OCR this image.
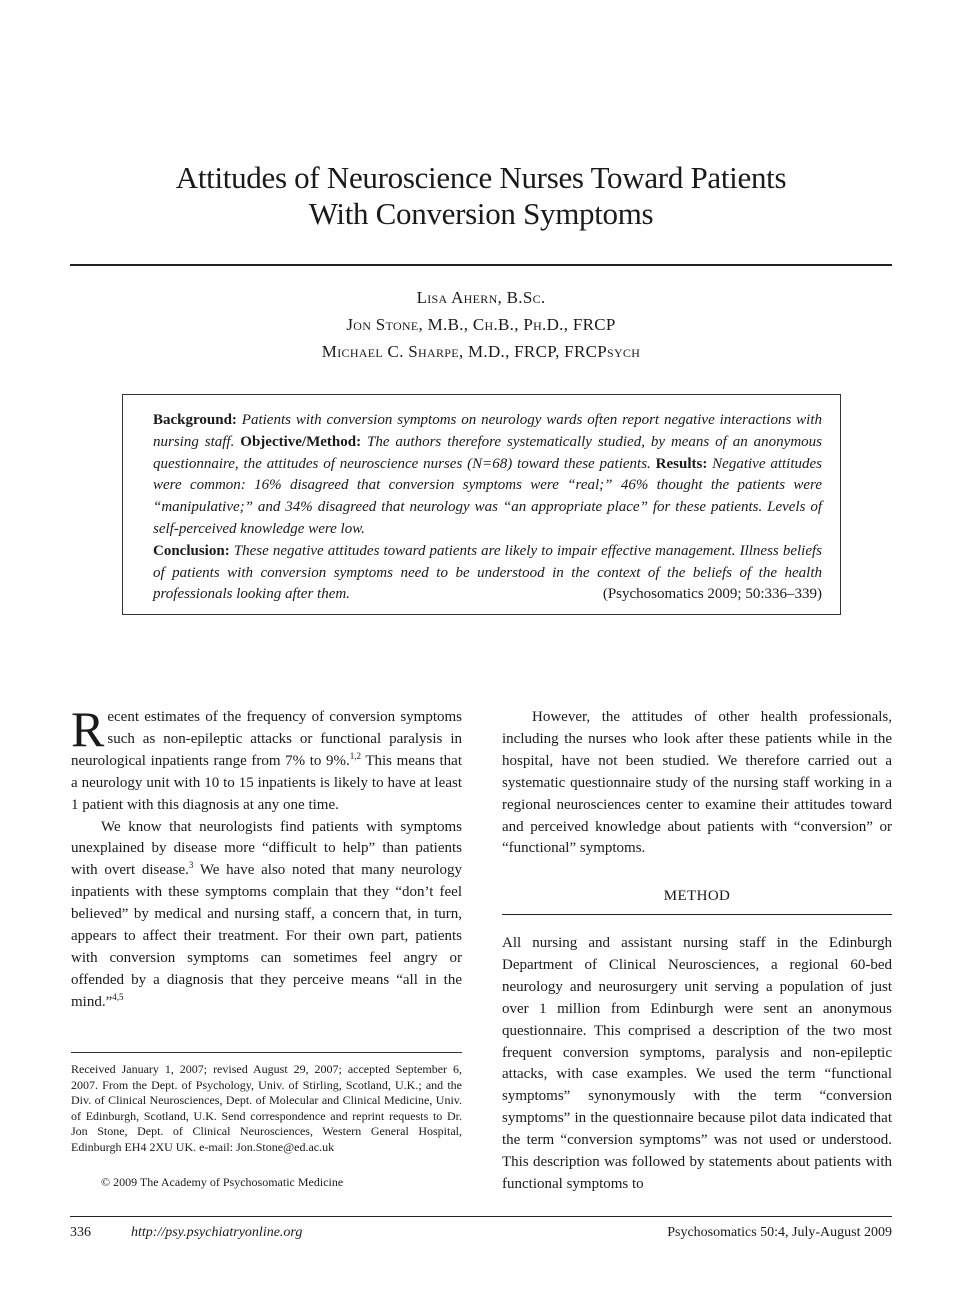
Attitudes of Neuroscience Nurses Toward Patients
With Conversion Symptoms
Lisa Ahern, B.Sc.
Jon Stone, M.B., Ch.B., Ph.D., FRCP
Michael C. Sharpe, M.D., FRCP, FRCPsych
Background: Patients with conversion symptoms on neurology wards often report negative interactions with nursing staff. Objective/Method: The authors therefore systematically studied, by means of an anonymous questionnaire, the attitudes of neuroscience nurses (N=68) toward these patients. Results: Negative attitudes were common: 16% disagreed that conversion symptoms were “real;” 46% thought the patients were “manipulative;” and 34% disagreed that neurology was “an appropriate place” for these patients. Levels of self-perceived knowledge were low.
Conclusion: These negative attitudes toward patients are likely to impair effective management. Illness beliefs of patients with conversion symptoms need to be understood in the context of the beliefs of the health professionals looking after them.	(Psychosomatics 2009; 50:336–339)

Recent estimates of the frequency of conversion symptoms such as non-epileptic attacks or functional paralysis in neurological inpatients range from 7% to 9%.$^{1,2}$ This means that a neurology unit with 10 to 15 inpatients is likely to have at least 1 patient with this diagnosis at any one time.

We know that neurologists find patients with symptoms unexplained by disease more “difficult to help” than patients with overt disease.$^3$ We have also noted that many neurology inpatients with these symptoms complain that they “don’t feel believed” by medical and nursing staff, a concern that, in turn, appears to affect their treatment. For their own part, patients with conversion symptoms can sometimes feel angry or offended by a diagnosis that they perceive means “all in the mind.”$^{4,5}$

Received January 1, 2007; revised August 29, 2007; accepted September 6, 2007. From the Dept. of Psychology, Univ. of Stirling, Scotland, U.K.; and the Div. of Clinical Neurosciences, Dept. of Molecular and Clinical Medicine, Univ. of Edinburgh, Scotland, U.K. Send correspondence and reprint requests to Dr. Jon Stone, Dept. of Clinical Neurosciences, Western General Hospital, Edinburgh EH4 2XU UK. e-mail: Jon.Stone@ed.ac.uk
© 2009 The Academy of Psychosomatic Medicine

However, the attitudes of other health professionals, including the nurses who look after these patients while in the hospital, have not been studied. We therefore carried out a systematic questionnaire study of the nursing staff working in a regional neurosciences center to examine their attitudes toward and perceived knowledge about patients with “conversion” or “functional” symptoms.

METHOD
All nursing and assistant nursing staff in the Edinburgh Department of Clinical Neurosciences, a regional 60-bed neurology and neurosurgery unit serving a population of just over 1 million from Edinburgh were sent an anonymous questionnaire. This comprised a description of the two most frequent conversion symptoms, paralysis and non-epileptic attacks, with case examples. We used the term “functional symptoms” synonymously with the term “conversion symptoms” in the questionnaire because pilot data indicated that the term “conversion symptoms” was not used or understood. This description was followed by statements about patients with functional symptoms to
336	http://psy.psychiatryonline.org	Psychosomatics 50:4, July-August 2009
